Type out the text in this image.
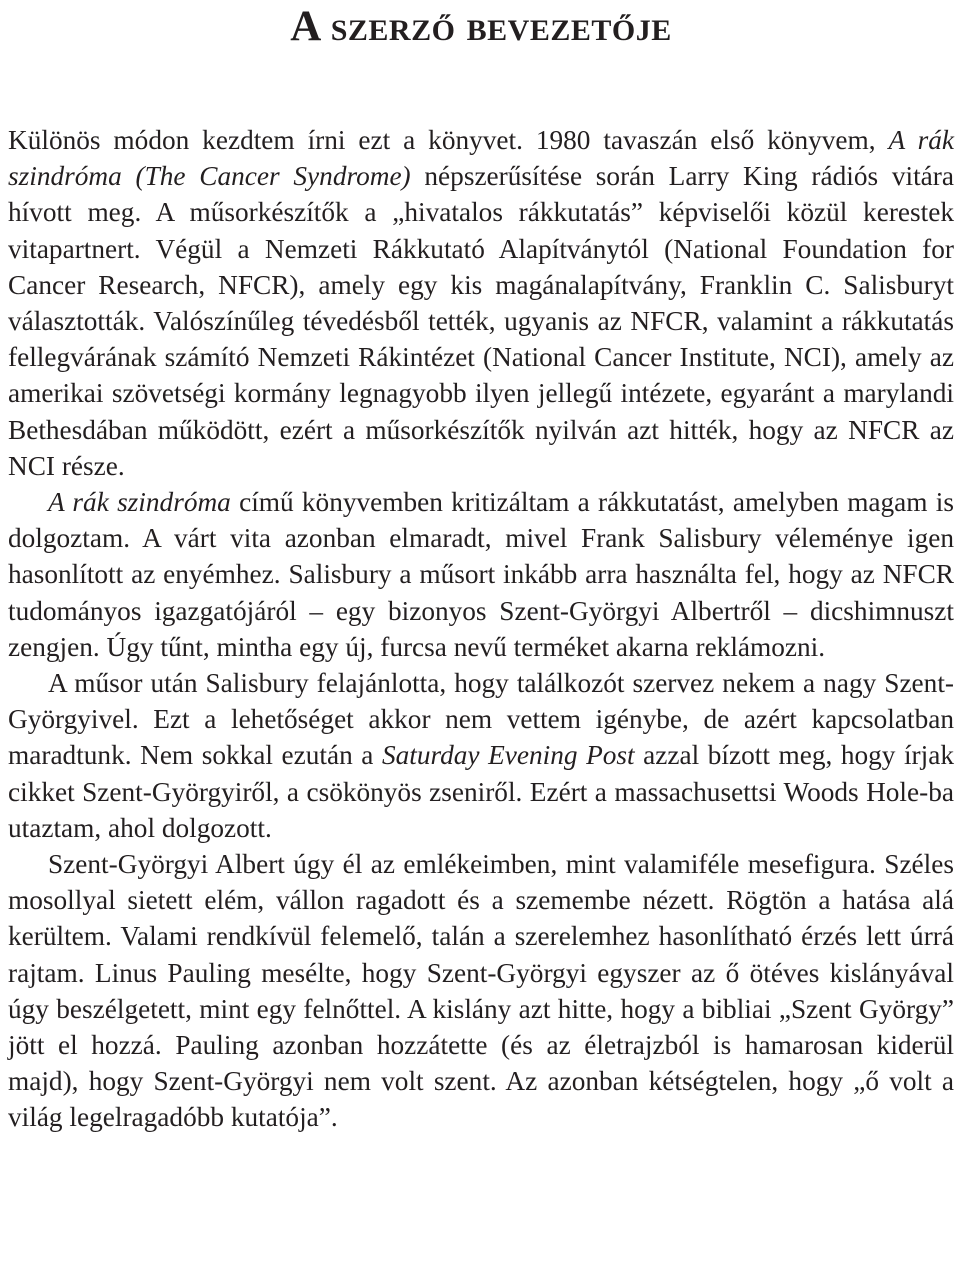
A szerző bevezetője

Különös módon kezdtem írni ezt a könyvet. 1980 tavaszán első könyvem, A rák szindróma (The Cancer Syndrome) népszerűsítése során Larry King rádiós vitára hívott meg. A műsorkészítők a „hivatalos rákkutatás” képviselői közül kerestek vitapartnert. Végül a Nemzeti Rákkutató Alapítványtól (National Foundation for Cancer Research, NFCR), amely egy kis magánalapítvány, Franklin C. Salisburyt választották. Valószínűleg tévedésből tették, ugyanis az NFCR, valamint a rákkutatás fellegvárának számító Nemzeti Rákintézet (National Cancer Institute, NCI), amely az amerikai szövetségi kormány legnagyobb ilyen jellegű intézete, egyaránt a marylandi Bethesdában működött, ezért a műsorkészítők nyilván azt hitték, hogy az NFCR az NCI része.

A rák szindróma című könyvemben kritizáltam a rákkutatást, amelyben magam is dolgoztam. A várt vita azonban elmaradt, mivel Frank Salisbury véleménye igen hasonlított az enyémhez. Salisbury a műsort inkább arra használta fel, hogy az NFCR tudományos igazgatójáról – egy bizonyos Szent-Györgyi Albertről – dicshimnuszt zengjen. Úgy tűnt, mintha egy új, furcsa nevű terméket akarna reklámozni.

A műsor után Salisbury felajánlotta, hogy találkozót szervez nekem a nagy Szent-Györgyivel. Ezt a lehetőséget akkor nem vettem igénybe, de azért kapcsolatban maradtunk. Nem sokkal ezután a Saturday Evening Post azzal bízott meg, hogy írjak cikket Szent-Györgyiről, a csökönyös zseniről. Ezért a massachusettsi Woods Hole-ba utaztam, ahol dolgozott.

Szent-Györgyi Albert úgy él az emlékeimben, mint valamiféle mesefigura. Széles mosollyal sietett elém, vállon ragadott és a szemembe nézett. Rögtön a hatása alá kerültem. Valami rendkívül felemelő, talán a szerelemhez hasonlítható érzés lett úrrá rajtam. Linus Pauling mesélte, hogy Szent-Györgyi egyszer az ő ötéves kislányával úgy beszélgetett, mint egy felnőttel. A kislány azt hitte, hogy a bibliai „Szent György” jött el hozzá. Pauling azonban hozzátette (és az életrajzból is hamarosan kiderül majd), hogy Szent-Györgyi nem volt szent. Az azonban kétségtelen, hogy „ő volt a világ legelragadóbb kutatója”.
